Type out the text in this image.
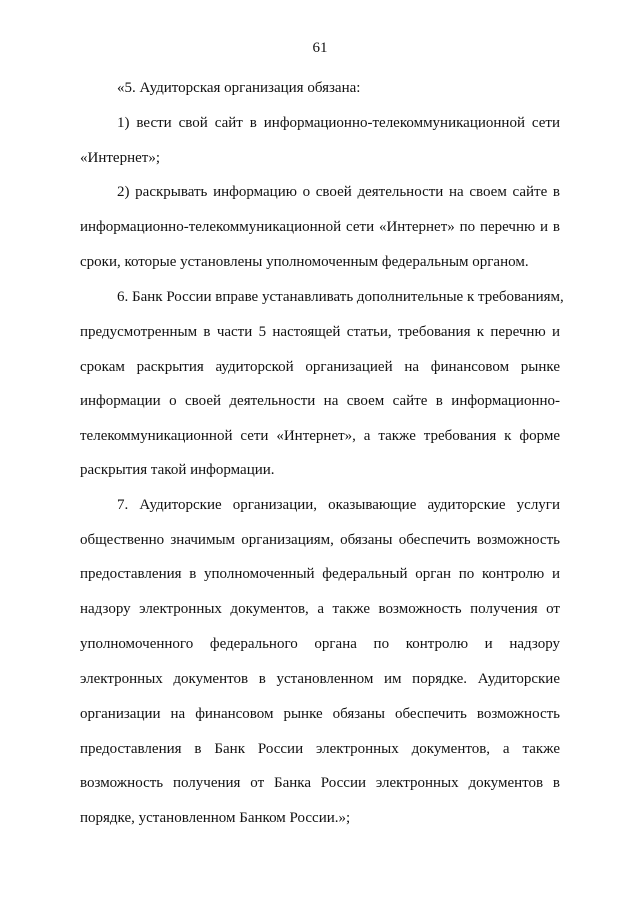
61
«5. Аудиторская организация обязана:
1) вести свой сайт в информационно-телекоммуникационной сети
«Интернет»;
2) раскрывать информацию о своей деятельности на своем сайте в
информационно-телекоммуникационной сети «Интернет» по перечню и в
сроки, которые установлены уполномоченным федеральным органом.
6. Банк России вправе устанавливать дополнительные к требованиям,
предусмотренным в части 5 настоящей статьи, требования к перечню и
срокам раскрытия аудиторской организацией на финансовом рынке
информации о своей деятельности на своем сайте в информационно-
телекоммуникационной сети «Интернет», а также требования к форме
раскрытия такой информации.
7. Аудиторские организации, оказывающие аудиторские услуги
общественно значимым организациям, обязаны обеспечить возможность
предоставления в уполномоченный федеральный орган по контролю и
надзору электронных документов, а также возможность получения от
уполномоченного федерального органа по контролю и надзору
электронных документов в установленном им порядке. Аудиторские
организации на финансовом рынке обязаны обеспечить возможность
предоставления в Банк России электронных документов, а также
возможность получения от Банка России электронных документов в
порядке, установленном Банком России.»;
